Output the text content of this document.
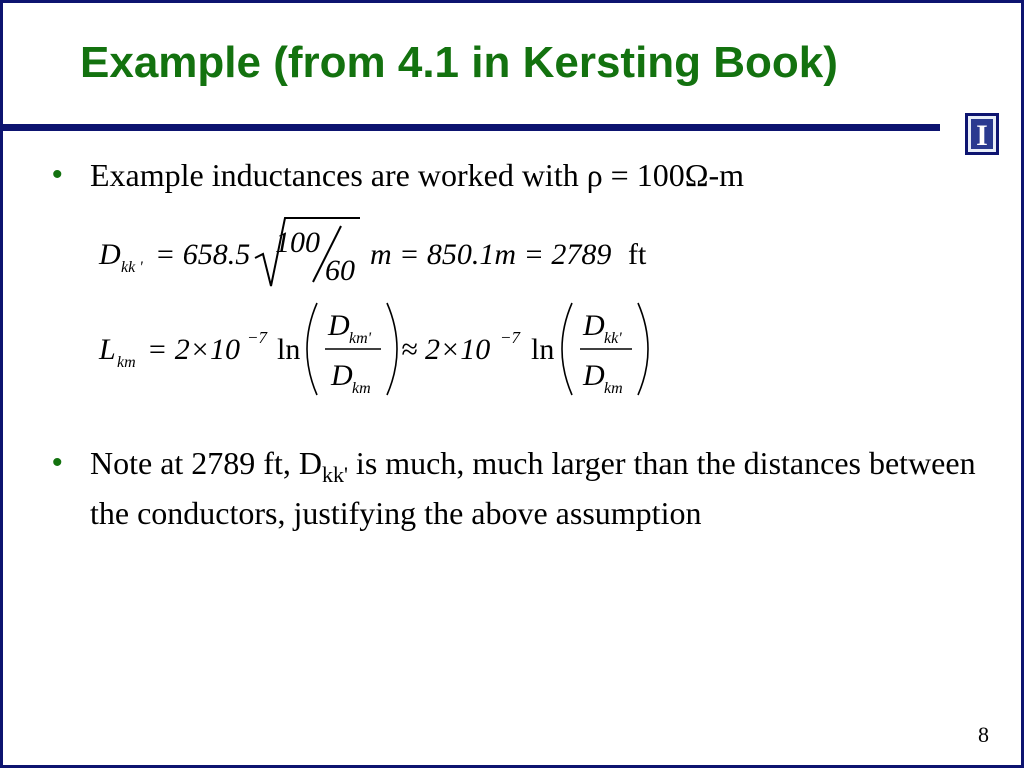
Example (from 4.1 in Kersting Book)
I
• Example inductances are worked with ρ = 100Ω-m
D kk ' = 658.5 100
60 m = 850.1m = 2789 ft
L km = 2×10 −7 ln
D km'
D km
≈ 2×10 −7 ln
D kk'
D km
• Note at 2789 ft, $D_{kk'}$ is much, much larger than the distances between the conductors, justifying the above assumption
8
